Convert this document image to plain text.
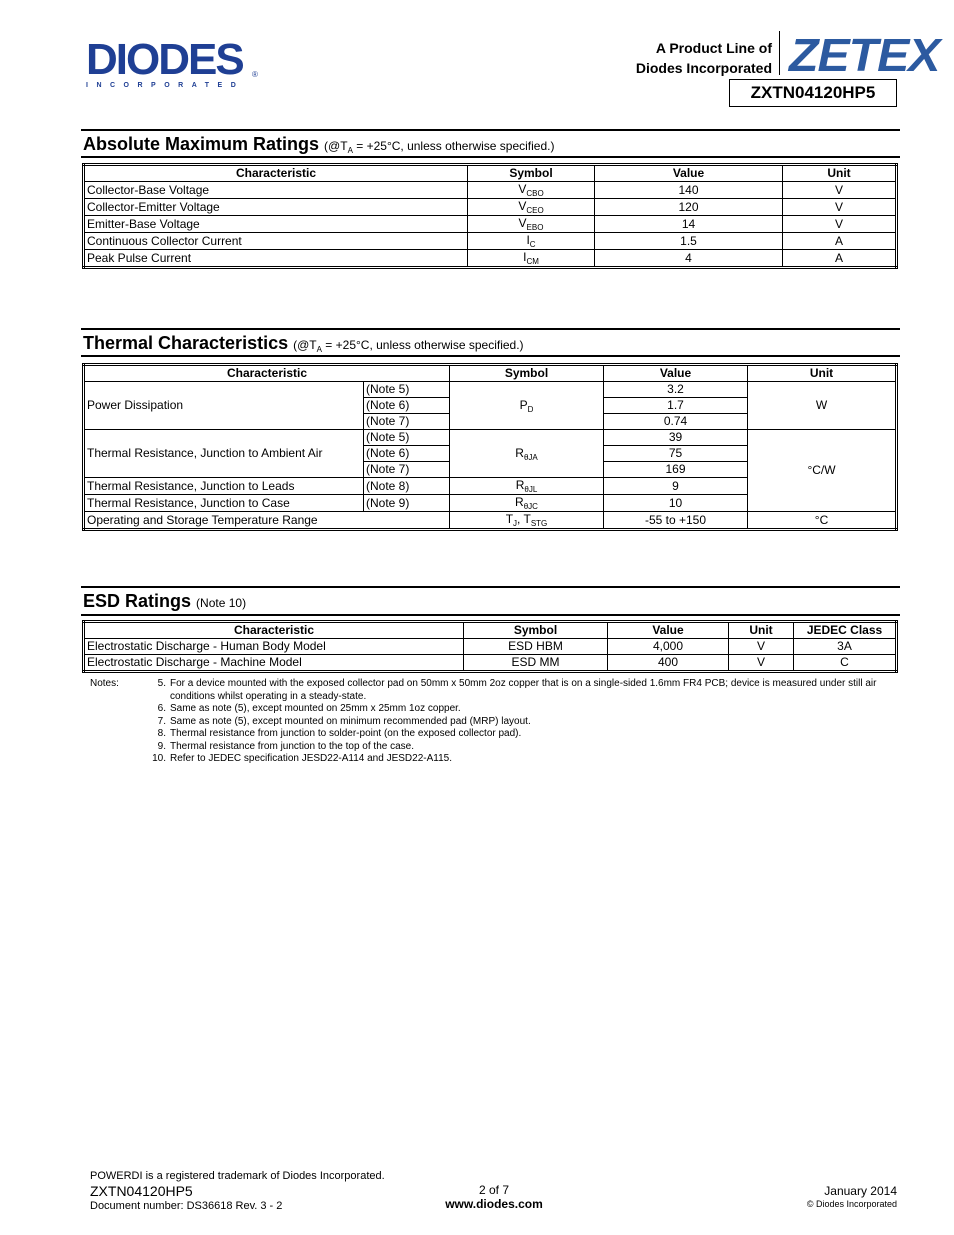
DIODES
INCORPORATED
®
A Product Line of
Diodes Incorporated ZETEX
ZXTN04120HP5
Absolute Maximum Ratings ($@T_A = +25^\circ C$, unless otherwise specified.)
Characteristic	Symbol	Value	Unit
Collector-Base Voltage	$V_{CBO}$	140	V
Collector-Emitter Voltage	$V_{CEO}$	120	V
Emitter-Base Voltage	$V_{EBO}$	14	V
Continuous Collector Current	$I_C$	1.5	A
Peak Pulse Current	$I_{CM}$	4	A
Thermal Characteristics ($@T_A = +25^\circ C$, unless otherwise specified.)
Characteristic		Symbol	Value	Unit
Power Dissipation	(Note 5)	$P_D$	3.2	W
	(Note 6)		1.7	
	(Note 7)		0.74	
Thermal Resistance, Junction to Ambient Air	(Note 5)	$R_{\theta JA}$	39	°C/W
	(Note 6)		75	
	(Note 7)		169	
Thermal Resistance, Junction to Leads	(Note 8)	$R_{\theta JL}$	9	
Thermal Resistance, Junction to Case	(Note 9)	$R_{\theta JC}$	10	
Operating and Storage Temperature Range		$T_J$, $T_{STG}$	-55 to +150	°C
ESD Ratings (Note 10)
Characteristic	Symbol	Value	Unit	JEDEC Class
Electrostatic Discharge - Human Body Model	ESD HBM	4,000	V	3A
Electrostatic Discharge - Machine Model	ESD MM	400	V	C
Notes:	5. For a device mounted with the exposed collector pad on 50mm x 50mm 2oz copper that is on a single-sided 1.6mm FR4 PCB; device is measured under still air conditions whilst operating in a steady-state.
6. Same as note (5), except mounted on 25mm x 25mm 1oz copper.
7. Same as note (5), except mounted on minimum recommended pad (MRP) layout.
8. Thermal resistance from junction to solder-point (on the exposed collector pad).
9. Thermal resistance from junction to the top of the case.
10. Refer to JEDEC specification JESD22-A114 and JESD22-A115.
POWERDI is a registered trademark of Diodes Incorporated.
ZXTN04120HP5
Document number: DS36618 Rev. 3 - 2
2 of 7
www.diodes.com
January 2014
© Diodes Incorporated
